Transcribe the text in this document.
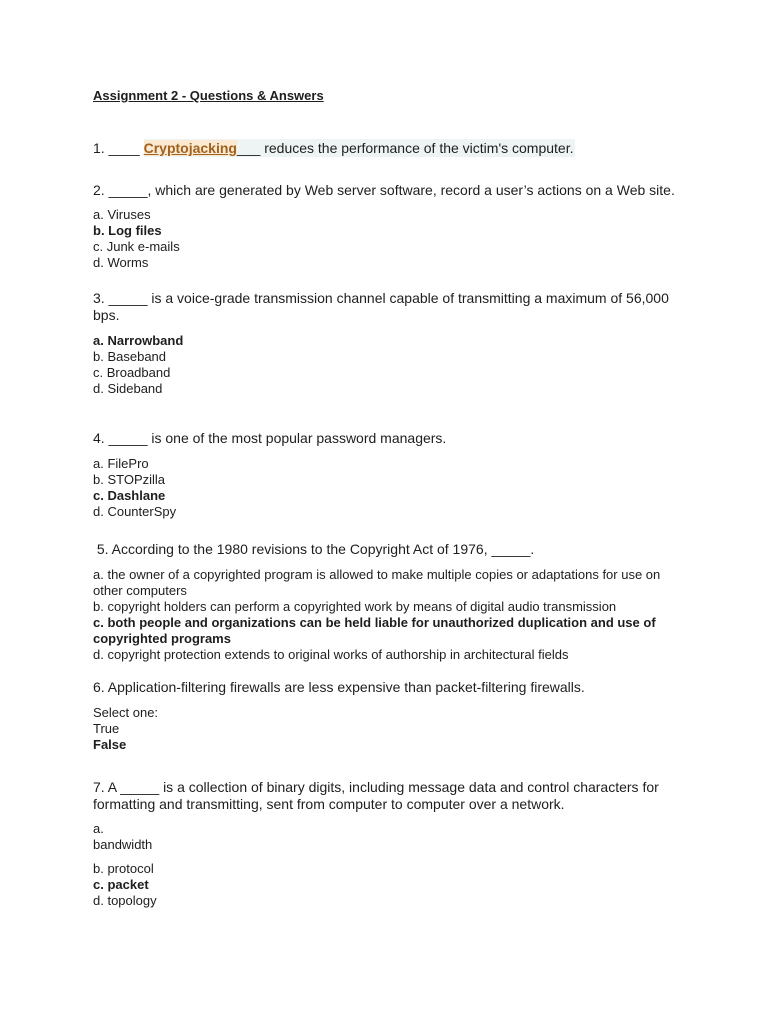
Assignment 2 - Questions & Answers
1. ____ Cryptojacking___ reduces the performance of the victim's computer.
2. _____, which are generated by Web server software, record a user’s actions on a Web site.
a. Viruses
b. Log files
c. Junk e-mails
d. Worms
3. _____ is a voice-grade transmission channel capable of transmitting a maximum of 56,000 bps.
a. Narrowband
b. Baseband
c. Broadband
d. Sideband
4. _____ is one of the most popular password managers.
a. FilePro
b. STOPzilla
c. Dashlane
d. CounterSpy
5. According to the 1980 revisions to the Copyright Act of 1976, _____.
a. the owner of a copyrighted program is allowed to make multiple copies or adaptations for use on other computers
b. copyright holders can perform a copyrighted work by means of digital audio transmission
c. both people and organizations can be held liable for unauthorized duplication and use of copyrighted programs
d. copyright protection extends to original works of authorship in architectural fields
6. Application-filtering firewalls are less expensive than packet-filtering firewalls.
Select one:
True
False
7. A _____ is a collection of binary digits, including message data and control characters for formatting and transmitting, sent from computer to computer over a network.
a.
bandwidth
b. protocol
c. packet
d. topology
